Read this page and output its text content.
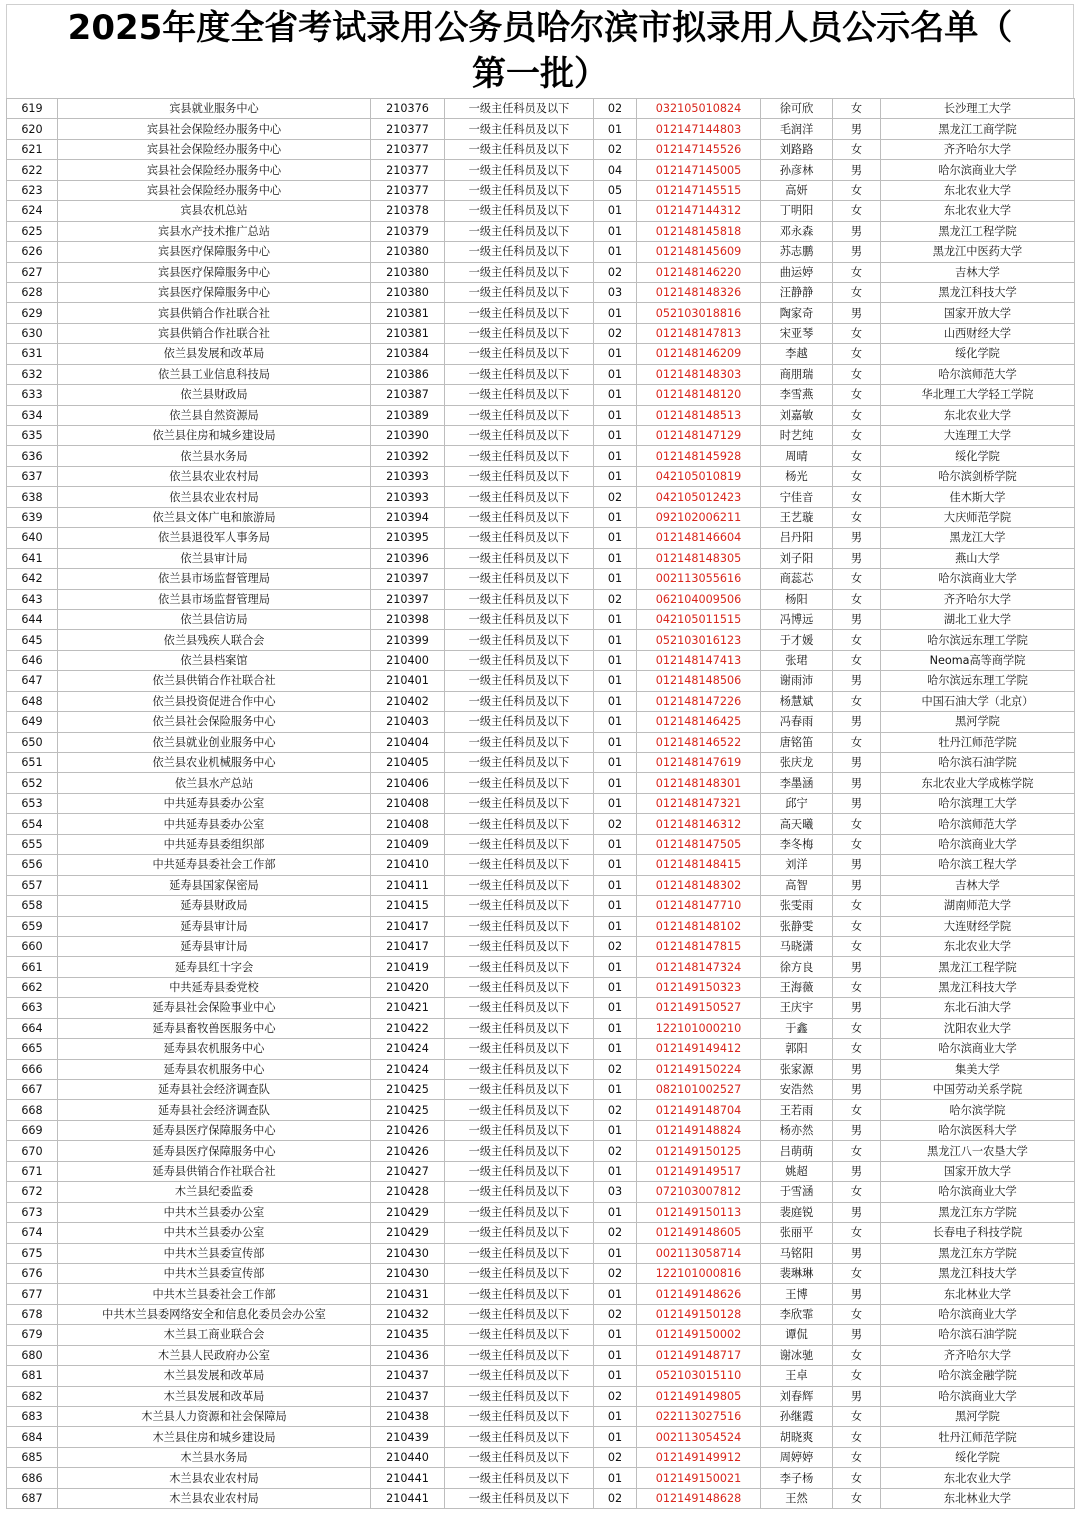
2025年度全省考试录用公务员哈尔滨市拟录用人员公示名单（
第一批）
619	宾县就业服务中心	210376	一级主任科员及以下	02	032105010824	徐可欣	女	长沙理工大学
620	宾县社会保险经办服务中心	210377	一级主任科员及以下	01	012147144803	毛润洋	男	黑龙江工商学院
621	宾县社会保险经办服务中心	210377	一级主任科员及以下	02	012147145526	刘路路	女	齐齐哈尔大学
622	宾县社会保险经办服务中心	210377	一级主任科员及以下	04	012147145005	孙彦林	男	哈尔滨商业大学
623	宾县社会保险经办服务中心	210377	一级主任科员及以下	05	012147145515	高妍	女	东北农业大学
624	宾县农机总站	210378	一级主任科员及以下	01	012147144312	丁明阳	女	东北农业大学
625	宾县水产技术推广总站	210379	一级主任科员及以下	01	012148145818	邓永森	男	黑龙江工程学院
626	宾县医疗保障服务中心	210380	一级主任科员及以下	01	012148145609	苏志鹏	男	黑龙江中医药大学
627	宾县医疗保障服务中心	210380	一级主任科员及以下	02	012148146220	曲运婷	女	吉林大学
628	宾县医疗保障服务中心	210380	一级主任科员及以下	03	012148148326	汪静静	女	黑龙江科技大学
629	宾县供销合作社联合社	210381	一级主任科员及以下	01	052103018816	陶家奇	男	国家开放大学
630	宾县供销合作社联合社	210381	一级主任科员及以下	02	012148147813	宋亚琴	女	山西财经大学
631	依兰县发展和改革局	210384	一级主任科员及以下	01	012148146209	李越	女	绥化学院
632	依兰县工业信息科技局	210386	一级主任科员及以下	01	012148148303	商朋瑞	女	哈尔滨师范大学
633	依兰县财政局	210387	一级主任科员及以下	01	012148148120	李雪燕	女	华北理工大学轻工学院
634	依兰县自然资源局	210389	一级主任科员及以下	01	012148148513	刘嘉敏	女	东北农业大学
635	依兰县住房和城乡建设局	210390	一级主任科员及以下	01	012148147129	时艺纯	女	大连理工大学
636	依兰县水务局	210392	一级主任科员及以下	01	012148145928	周晴	女	绥化学院
637	依兰县农业农村局	210393	一级主任科员及以下	01	042105010819	杨光	女	哈尔滨剑桥学院
638	依兰县农业农村局	210393	一级主任科员及以下	02	042105012423	宁佳音	女	佳木斯大学
639	依兰县文体广电和旅游局	210394	一级主任科员及以下	01	092102006211	王艺璇	女	大庆师范学院
640	依兰县退役军人事务局	210395	一级主任科员及以下	01	012148146604	吕丹阳	男	黑龙江大学
641	依兰县审计局	210396	一级主任科员及以下	01	012148148305	刘子阳	男	燕山大学
642	依兰县市场监督管理局	210397	一级主任科员及以下	01	002113055616	商蕊芯	女	哈尔滨商业大学
643	依兰县市场监督管理局	210397	一级主任科员及以下	02	062104009506	杨阳	女	齐齐哈尔大学
644	依兰县信访局	210398	一级主任科员及以下	01	042105011515	冯博远	男	湖北工业大学
645	依兰县残疾人联合会	210399	一级主任科员及以下	01	052103016123	于才媛	女	哈尔滨远东理工学院
646	依兰县档案馆	210400	一级主任科员及以下	01	012148147413	张珺	女	Neoma高等商学院
647	依兰县供销合作社联合社	210401	一级主任科员及以下	01	012148148506	谢雨沛	男	哈尔滨远东理工学院
648	依兰县投资促进合作中心	210402	一级主任科员及以下	01	012148147226	杨慧斌	女	中国石油大学（北京）
649	依兰县社会保险服务中心	210403	一级主任科员及以下	01	012148146425	冯春雨	男	黑河学院
650	依兰县就业创业服务中心	210404	一级主任科员及以下	01	012148146522	唐铭笛	女	牡丹江师范学院
651	依兰县农业机械服务中心	210405	一级主任科员及以下	01	012148147619	张庆龙	男	哈尔滨石油学院
652	依兰县水产总站	210406	一级主任科员及以下	01	012148148301	李墨涵	男	东北农业大学成栋学院
653	中共延寿县委办公室	210408	一级主任科员及以下	01	012148147321	邱宁	男	哈尔滨理工大学
654	中共延寿县委办公室	210408	一级主任科员及以下	02	012148146312	高天曦	女	哈尔滨师范大学
655	中共延寿县委组织部	210409	一级主任科员及以下	01	012148147505	李冬梅	女	哈尔滨商业大学
656	中共延寿县委社会工作部	210410	一级主任科员及以下	01	012148148415	刘洋	男	哈尔滨工程大学
657	延寿县国家保密局	210411	一级主任科员及以下	01	012148148302	高智	男	吉林大学
658	延寿县财政局	210415	一级主任科员及以下	01	012148147710	张雯雨	女	湖南师范大学
659	延寿县审计局	210417	一级主任科员及以下	01	012148148102	张静雯	女	大连财经学院
660	延寿县审计局	210417	一级主任科员及以下	02	012148147815	马晓潇	女	东北农业大学
661	延寿县红十字会	210419	一级主任科员及以下	01	012148147324	徐方良	男	黑龙江工程学院
662	中共延寿县委党校	210420	一级主任科员及以下	01	012149150323	王海薇	女	黑龙江科技大学
663	延寿县社会保险事业中心	210421	一级主任科员及以下	01	012149150527	王庆宇	男	东北石油大学
664	延寿县畜牧兽医服务中心	210422	一级主任科员及以下	01	122101000210	于鑫	女	沈阳农业大学
665	延寿县农机服务中心	210424	一级主任科员及以下	01	012149149412	郭阳	女	哈尔滨商业大学
666	延寿县农机服务中心	210424	一级主任科员及以下	02	012149150224	张家源	男	集美大学
667	延寿县社会经济调查队	210425	一级主任科员及以下	01	082101002527	安浩然	男	中国劳动关系学院
668	延寿县社会经济调查队	210425	一级主任科员及以下	02	012149148704	王若雨	女	哈尔滨学院
669	延寿县医疗保障服务中心	210426	一级主任科员及以下	01	012149148824	杨亦然	男	哈尔滨医科大学
670	延寿县医疗保障服务中心	210426	一级主任科员及以下	02	012149150125	吕萌萌	女	黑龙江八一农垦大学
671	延寿县供销合作社联合社	210427	一级主任科员及以下	01	012149149517	姚超	男	国家开放大学
672	木兰县纪委监委	210428	一级主任科员及以下	03	072103007812	于雪涵	女	哈尔滨商业大学
673	中共木兰县委办公室	210429	一级主任科员及以下	01	012149150113	裴庭锐	男	黑龙江东方学院
674	中共木兰县委办公室	210429	一级主任科员及以下	02	012149148605	张丽平	女	长春电子科技学院
675	中共木兰县委宣传部	210430	一级主任科员及以下	01	002113058714	马铭阳	男	黑龙江东方学院
676	中共木兰县委宣传部	210430	一级主任科员及以下	02	122101000816	裴琳琳	女	黑龙江科技大学
677	中共木兰县委社会工作部	210431	一级主任科员及以下	01	012149148626	王博	男	东北林业大学
678	中共木兰县委网络安全和信息化委员会办公室	210432	一级主任科员及以下	02	012149150128	李欣霏	女	哈尔滨商业大学
679	木兰县工商业联合会	210435	一级主任科员及以下	01	012149150002	谭侃	男	哈尔滨石油学院
680	木兰县人民政府办公室	210436	一级主任科员及以下	01	012149148717	谢冰驰	女	齐齐哈尔大学
681	木兰县发展和改革局	210437	一级主任科员及以下	01	052103015110	王卓	女	哈尔滨金融学院
682	木兰县发展和改革局	210437	一级主任科员及以下	02	012149149805	刘春辉	男	哈尔滨商业大学
683	木兰县人力资源和社会保障局	210438	一级主任科员及以下	01	022113027516	孙继霞	女	黑河学院
684	木兰县住房和城乡建设局	210439	一级主任科员及以下	01	002113054524	胡晓爽	女	牡丹江师范学院
685	木兰县水务局	210440	一级主任科员及以下	02	012149149912	周婷婷	女	绥化学院
686	木兰县农业农村局	210441	一级主任科员及以下	01	012149150021	李子杨	女	东北农业大学
687	木兰县农业农村局	210441	一级主任科员及以下	02	012149148628	王然	女	东北林业大学
